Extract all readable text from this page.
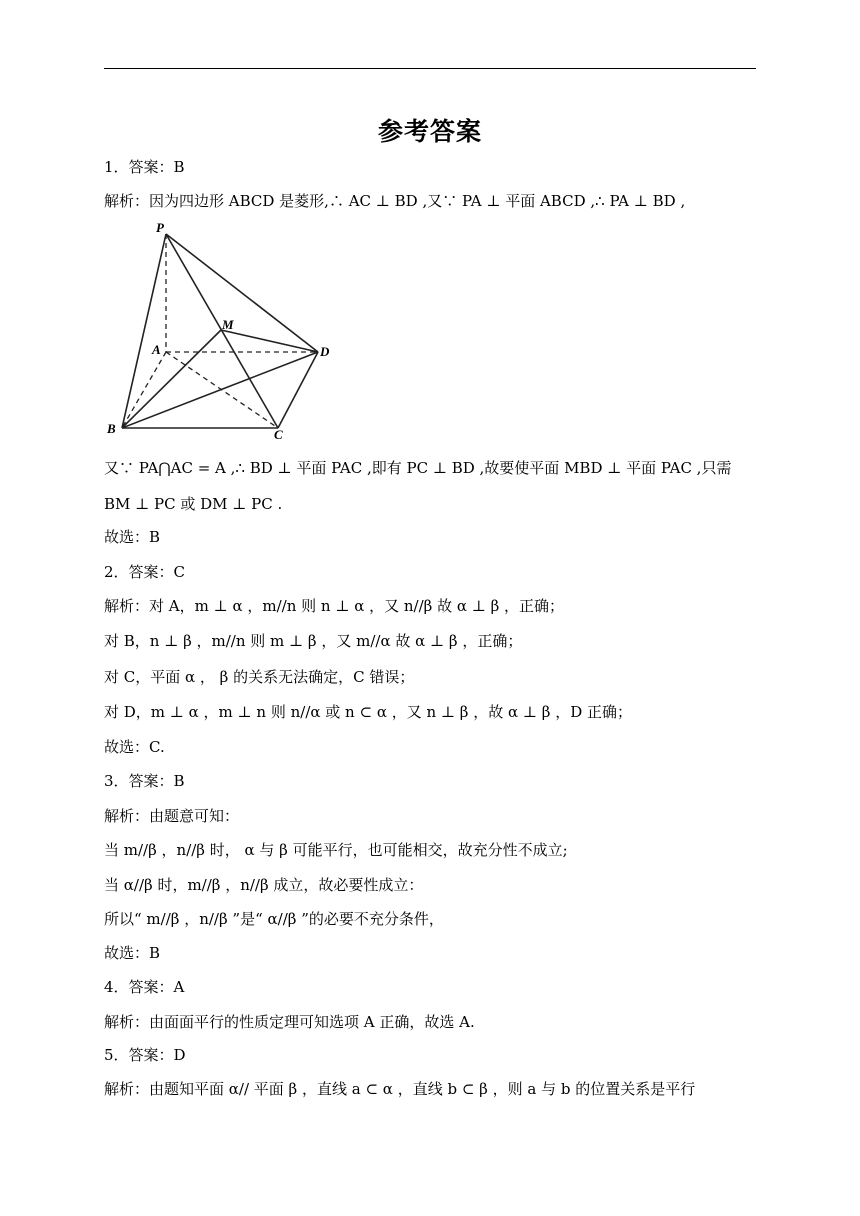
参考答案
1．答案：B
解析：因为四边形 ABCD 是菱形,∴ AC ⊥ BD ,又∵ PA ⊥ 平面 ABCD ,∴ PA ⊥ BD ,
又∵ PA⋂AC = A ,∴ BD ⊥ 平面 PAC ,即有 PC ⊥ BD ,故要使平面 MBD ⊥ 平面 PAC ,只需
BM ⊥ PC 或 DM ⊥ PC .
故选：B
2．答案：C
解析：对 A，m ⊥ α ，m//n 则 n ⊥ α ，又 n//β 故 α ⊥ β ，正确；
对 B，n ⊥ β ，m//n 则 m ⊥ β ，又 m//α 故 α ⊥ β ，正确；
对 C，平面 α ， β 的关系无法确定，C 错误；
对 D，m ⊥ α ，m ⊥ n 则 n//α 或 n ⊂ α ，又 n ⊥ β ，故 α ⊥ β ，D 正确；
故选：C.
3．答案：B
解析：由题意可知：
当 m//β ，n//β 时， α 与 β 可能平行，也可能相交，故充分性不成立;
当 α//β 时，m//β ，n//β 成立，故必要性成立：
所以“ m//β ，n//β ”是“ α//β ”的必要不充分条件，
故选：B
4．答案：A
解析：由面面平行的性质定理可知选项 A 正确，故选 A.
5．答案：D
解析：由题知平面 α// 平面 β ，直线 a ⊂ α ，直线 b ⊂ β ，则 a 与 b 的位置关系是平行
P
M
A	D
B	C
